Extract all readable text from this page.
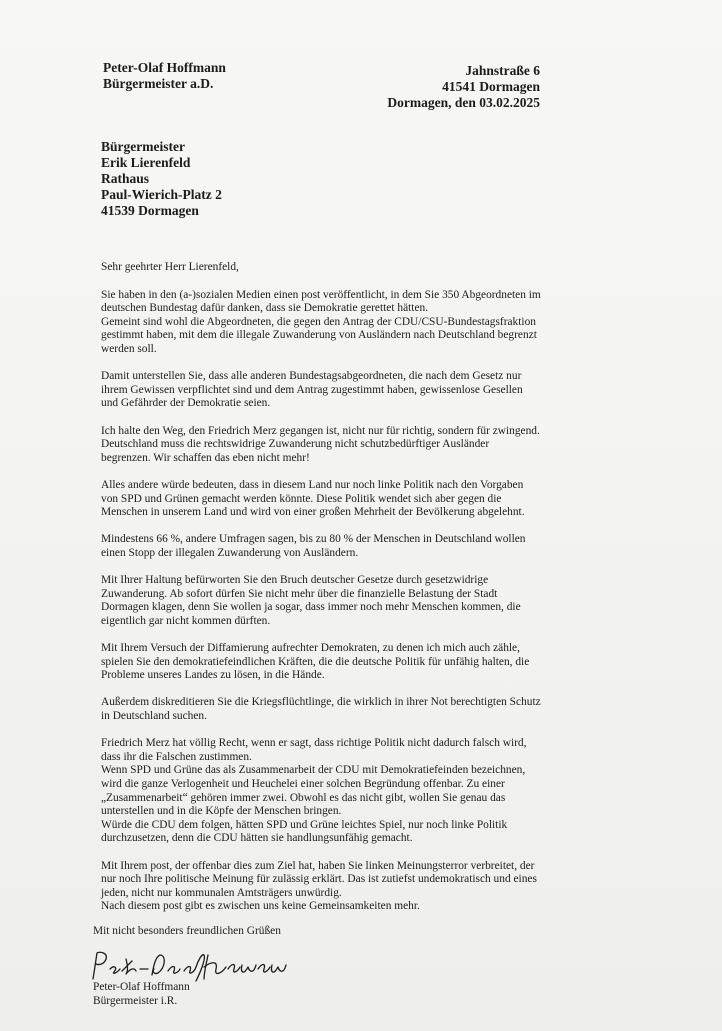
Peter-Olaf Hoffmann
Bürgermeister a.D.
Jahnstraße 6
41541 Dormagen
Dormagen, den 03.02.2025
Bürgermeister
Erik Lierenfeld
Rathaus
Paul-Wierich-Platz 2
41539 Dormagen

Sehr geehrter Herr Lierenfeld,

Sie haben in den (a-)sozialen Medien einen post veröffentlicht, in dem Sie 350 Abgeordneten im deutschen Bundestag dafür danken, dass sie Demokratie gerettet hätten.
Gemeint sind wohl die Abgeordneten, die gegen den Antrag der CDU/CSU-Bundestagsfraktion gestimmt haben, mit dem die illegale Zuwanderung von Ausländern nach Deutschland begrenzt werden soll.

Damit unterstellen Sie, dass alle anderen Bundestagsabgeordneten, die nach dem Gesetz nur ihrem Gewissen verpflichtet sind und dem Antrag zugestimmt haben, gewissenlose Gesellen und Gefährder der Demokratie seien.

Ich halte den Weg, den Friedrich Merz gegangen ist, nicht nur für richtig, sondern für zwingend. Deutschland muss die rechtswidrige Zuwanderung nicht schutzbedürftiger Ausländer begrenzen. Wir schaffen das eben nicht mehr!

Alles andere würde bedeuten, dass in diesem Land nur noch linke Politik nach den Vorgaben von SPD und Grünen gemacht werden könnte. Diese Politik wendet sich aber gegen die Menschen in unserem Land und wird von einer großen Mehrheit der Bevölkerung abgelehnt.

Mindestens 66 %, andere Umfragen sagen, bis zu 80 % der Menschen in Deutschland wollen einen Stopp der illegalen Zuwanderung von Ausländern.

Mit Ihrer Haltung befürworten Sie den Bruch deutscher Gesetze durch gesetzwidrige Zuwanderung. Ab sofort dürfen Sie nicht mehr über die finanzielle Belastung der Stadt Dormagen klagen, denn Sie wollen ja sogar, dass immer noch mehr Menschen kommen, die eigentlich gar nicht kommen dürften.

Mit Ihrem Versuch der Diffamierung aufrechter Demokraten, zu denen ich mich auch zähle, spielen Sie den demokratiefeindlichen Kräften, die die deutsche Politik für unfähig halten, die Probleme unseres Landes zu lösen, in die Hände.

Außerdem diskreditieren Sie die Kriegsflüchtlinge, die wirklich in ihrer Not berechtigten Schutz in Deutschland suchen.

Friedrich Merz hat völlig Recht, wenn er sagt, dass richtige Politik nicht dadurch falsch wird, dass ihr die Falschen zustimmen.
Wenn SPD und Grüne das als Zusammenarbeit der CDU mit Demokratiefeinden bezeichnen, wird die ganze Verlogenheit und Heuchelei einer solchen Begründung offenbar. Zu einer „Zusammenarbeit“ gehören immer zwei. Obwohl es das nicht gibt, wollen Sie genau das unterstellen und in die Köpfe der Menschen bringen.
Würde die CDU dem folgen, hätten SPD und Grüne leichtes Spiel, nur noch linke Politik durchzusetzen, denn die CDU hätten sie handlungsunfähig gemacht.

Mit Ihrem post, der offenbar dies zum Ziel hat, haben Sie linken Meinungsterror verbreitet, der nur noch Ihre politische Meinung für zulässig erklärt. Das ist zutiefst undemokratisch und eines jeden, nicht nur kommunalen Amtsträgers unwürdig.
Nach diesem post gibt es zwischen uns keine Gemeinsamkeiten mehr.

Mit nicht besonders freundlichen Grüßen
Peter-Olaf Hoffmann
Bürgermeister i.R.
